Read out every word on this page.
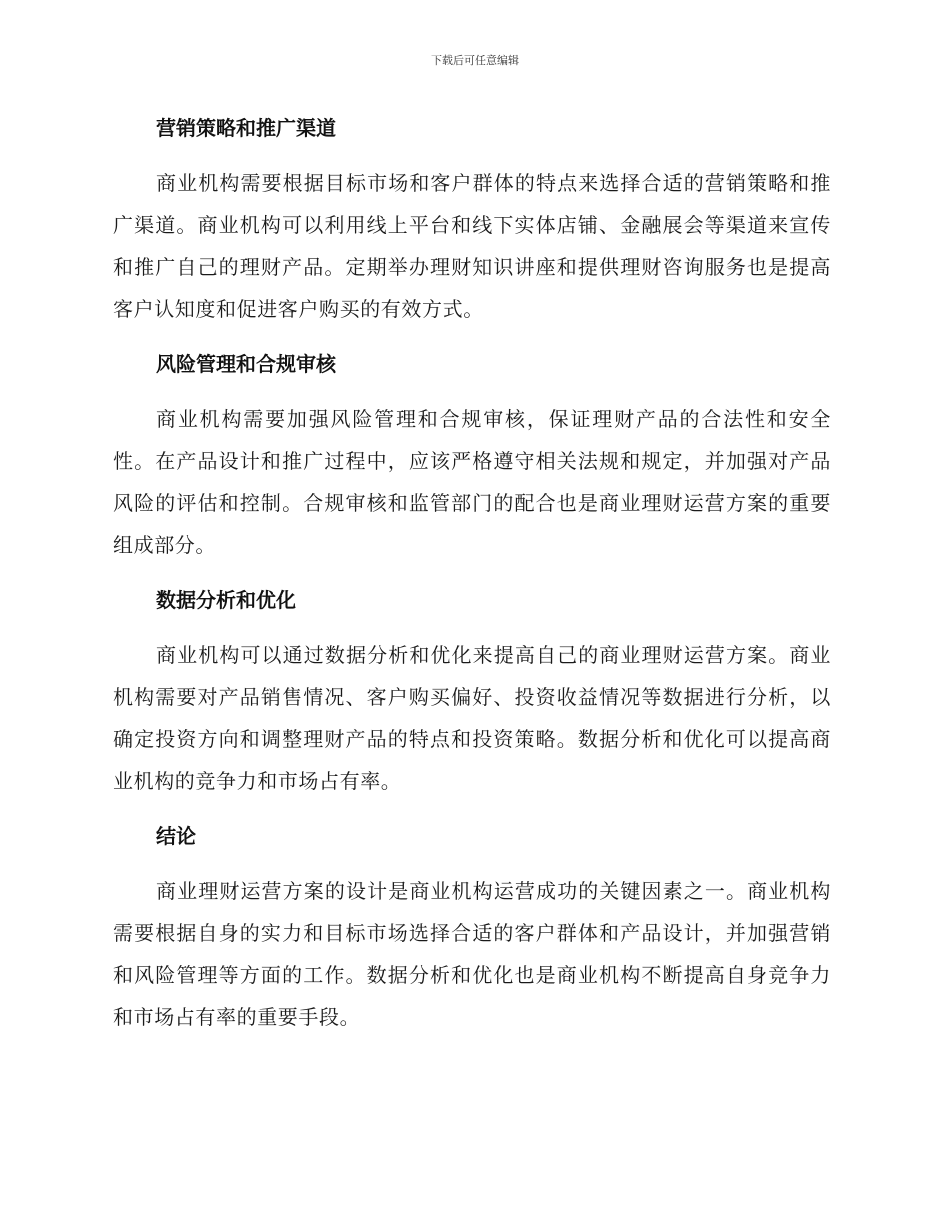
下载后可任意编辑
营销策略和推广渠道

商业机构需要根据目标市场和客户群体的特点来选择合适的营销策略和推广渠道。商业机构可以利用线上平台和线下实体店铺、金融展会等渠道来宣传和推广自己的理财产品。定期举办理财知识讲座和提供理财咨询服务也是提高客户认知度和促进客户购买的有效方式。

风险管理和合规审核

商业机构需要加强风险管理和合规审核，保证理财产品的合法性和安全性。在产品设计和推广过程中，应该严格遵守相关法规和规定，并加强对产品风险的评估和控制。合规审核和监管部门的配合也是商业理财运营方案的重要组成部分。

数据分析和优化

商业机构可以通过数据分析和优化来提高自己的商业理财运营方案。商业机构需要对产品销售情况、客户购买偏好、投资收益情况等数据进行分析，以确定投资方向和调整理财产品的特点和投资策略。数据分析和优化可以提高商业机构的竞争力和市场占有率。

结论

商业理财运营方案的设计是商业机构运营成功的关键因素之一。商业机构需要根据自身的实力和目标市场选择合适的客户群体和产品设计，并加强营销和风险管理等方面的工作。数据分析和优化也是商业机构不断提高自身竞争力和市场占有率的重要手段。
